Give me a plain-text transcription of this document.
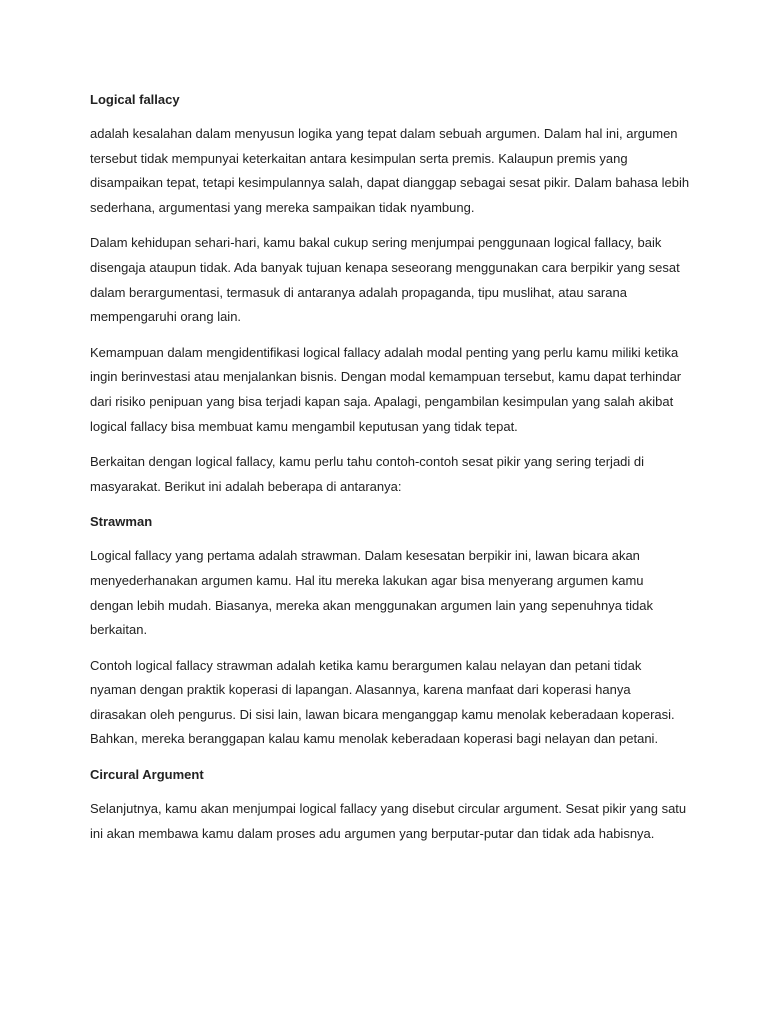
Logical fallacy

adalah kesalahan dalam menyusun logika yang tepat dalam sebuah argumen. Dalam hal ini, argumen tersebut tidak mempunyai keterkaitan antara kesimpulan serta premis. Kalaupun premis yang disampaikan tepat, tetapi kesimpulannya salah, dapat dianggap sebagai sesat pikir. Dalam bahasa lebih sederhana, argumentasi yang mereka sampaikan tidak nyambung.

Dalam kehidupan sehari-hari, kamu bakal cukup sering menjumpai penggunaan logical fallacy, baik disengaja ataupun tidak. Ada banyak tujuan kenapa seseorang menggunakan cara berpikir yang sesat dalam berargumentasi, termasuk di antaranya adalah propaganda, tipu muslihat, atau sarana mempengaruhi orang lain.

Kemampuan dalam mengidentifikasi logical fallacy adalah modal penting yang perlu kamu miliki ketika ingin berinvestasi atau menjalankan bisnis. Dengan modal kemampuan tersebut, kamu dapat terhindar dari risiko penipuan yang bisa terjadi kapan saja. Apalagi, pengambilan kesimpulan yang salah akibat logical fallacy bisa membuat kamu mengambil keputusan yang tidak tepat.

Berkaitan dengan logical fallacy, kamu perlu tahu contoh-contoh sesat pikir yang sering terjadi di masyarakat. Berikut ini adalah beberapa di antaranya:

Strawman

Logical fallacy yang pertama adalah strawman. Dalam kesesatan berpikir ini, lawan bicara akan menyederhanakan argumen kamu. Hal itu mereka lakukan agar bisa menyerang argumen kamu dengan lebih mudah. Biasanya, mereka akan menggunakan argumen lain yang sepenuhnya tidak berkaitan.

Contoh logical fallacy strawman adalah ketika kamu berargumen kalau nelayan dan petani tidak nyaman dengan praktik koperasi di lapangan. Alasannya, karena manfaat dari koperasi hanya dirasakan oleh pengurus. Di sisi lain, lawan bicara menganggap kamu menolak keberadaan koperasi. Bahkan, mereka beranggapan kalau kamu menolak keberadaan koperasi bagi nelayan dan petani.

Circural Argument

Selanjutnya, kamu akan menjumpai logical fallacy yang disebut circular argument. Sesat pikir yang satu ini akan membawa kamu dalam proses adu argumen yang berputar-putar dan tidak ada habisnya.
